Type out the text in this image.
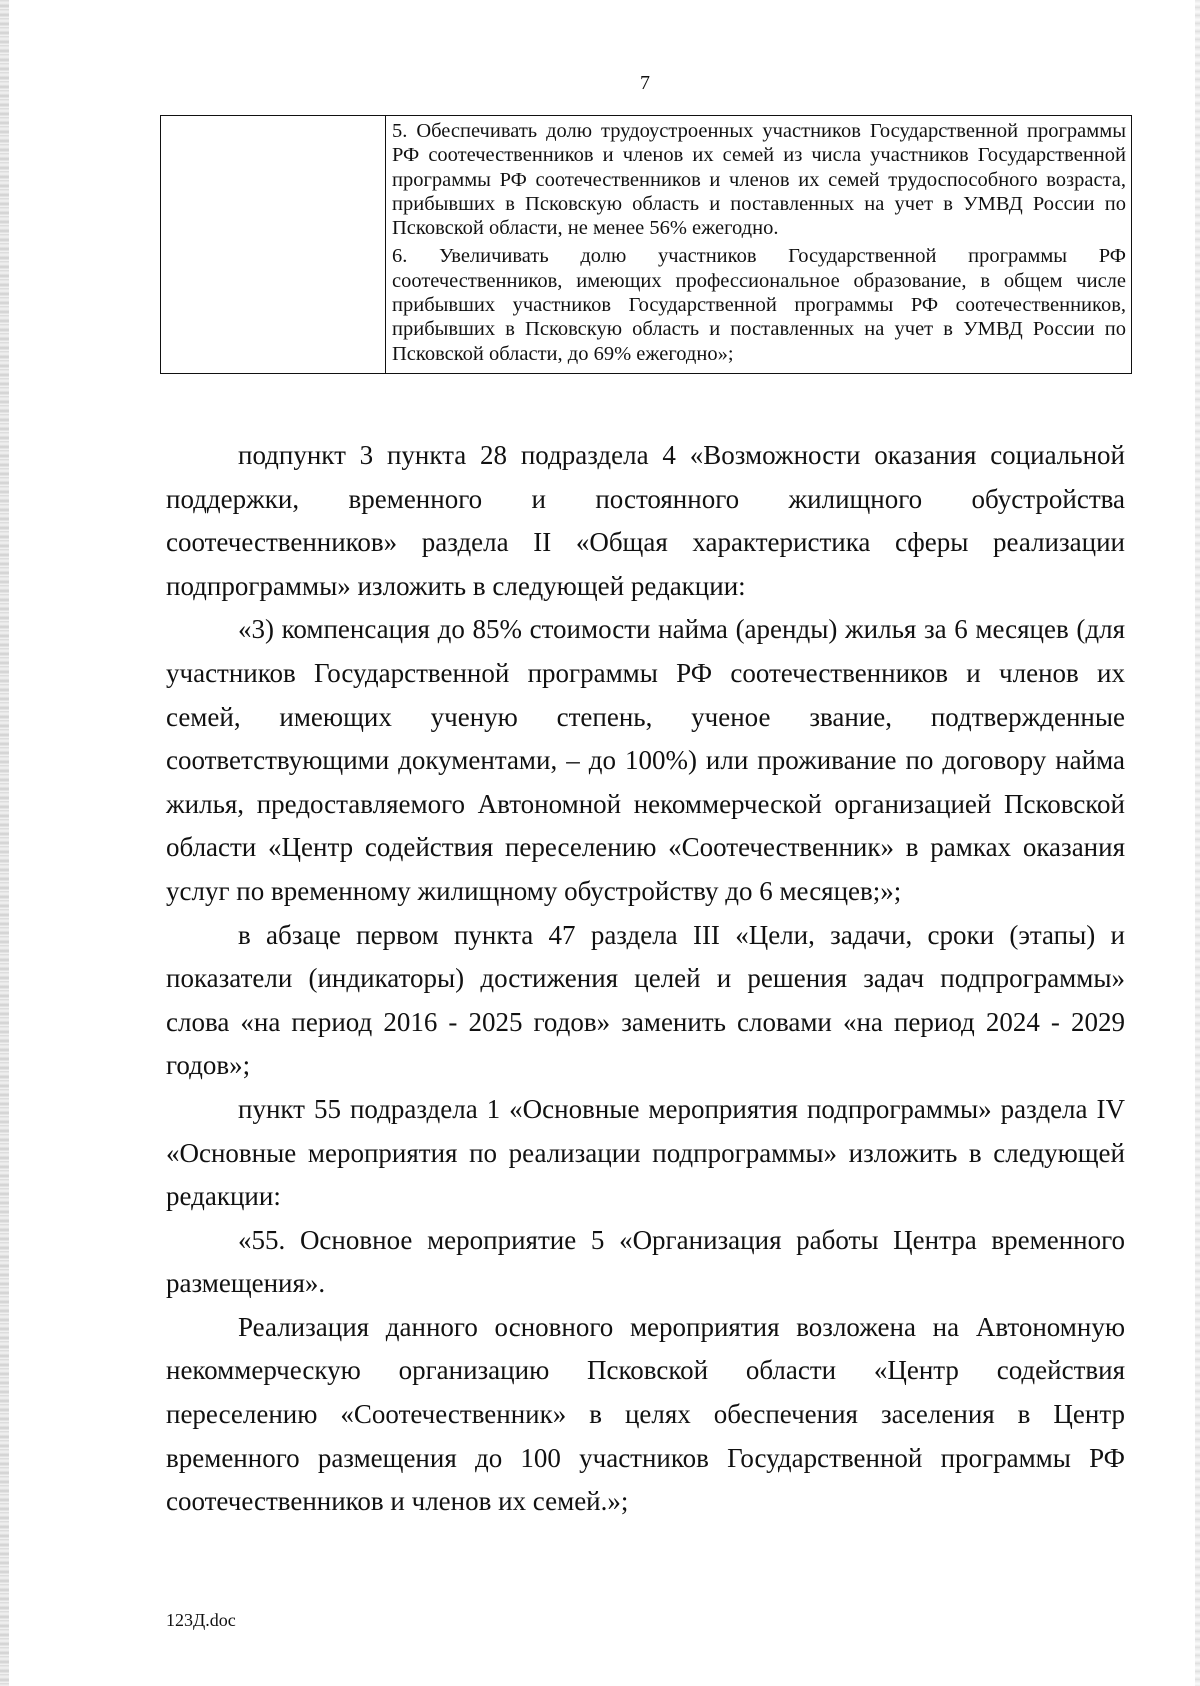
7

5. Обеспечивать долю трудоустроенных участников Государственной программы РФ соотечественников и членов их семей из числа участников Государственной программы РФ соотечественников и членов их семей трудоспособного возраста, прибывших в Псковскую область и поставленных на учет в УМВД России по Псковской области, не менее 56% ежегодно.

6. Увеличивать долю участников Государственной программы РФ соотечественников, имеющих профессиональное образование, в общем числе прибывших участников Государственной программы РФ соотечественников, прибывших в Псковскую область и поставленных на учет в УМВД России по Псковской области, до 69% ежегодно»;

подпункт 3 пункта 28 подраздела 4 «Возможности оказания социальной поддержки, временного и постоянного жилищного обустройства соотечественников» раздела II «Общая характеристика сферы реализации подпрограммы» изложить в следующей редакции:

«3) компенсация до 85% стоимости найма (аренды) жилья за 6 месяцев (для участников Государственной программы РФ соотечественников и членов их семей, имеющих ученую степень, ученое звание, подтвержденные соответствующими документами, – до 100%) или проживание по договору найма жилья, предоставляемого Автономной некоммерческой организацией Псковской области «Центр содействия переселению «Соотечественник» в рамках оказания услуг по временному жилищному обустройству до 6 месяцев;»;

в абзаце первом пункта 47 раздела III «Цели, задачи, сроки (этапы) и показатели (индикаторы) достижения целей и решения задач подпрограммы» слова «на период 2016 - 2025 годов» заменить словами «на период 2024 - 2029 годов»;

пункт 55 подраздела 1 «Основные мероприятия подпрограммы» раздела IV «Основные мероприятия по реализации подпрограммы» изложить в следующей редакции:

«55. Основное мероприятие 5 «Организация работы Центра временного размещения».

Реализация данного основного мероприятия возложена на Автономную некоммерческую организацию Псковской области «Центр содействия переселению «Соотечественник» в целях обеспечения заселения в Центр временного размещения до 100 участников Государственной программы РФ соотечественников и членов их семей.»;

123Д.doc
